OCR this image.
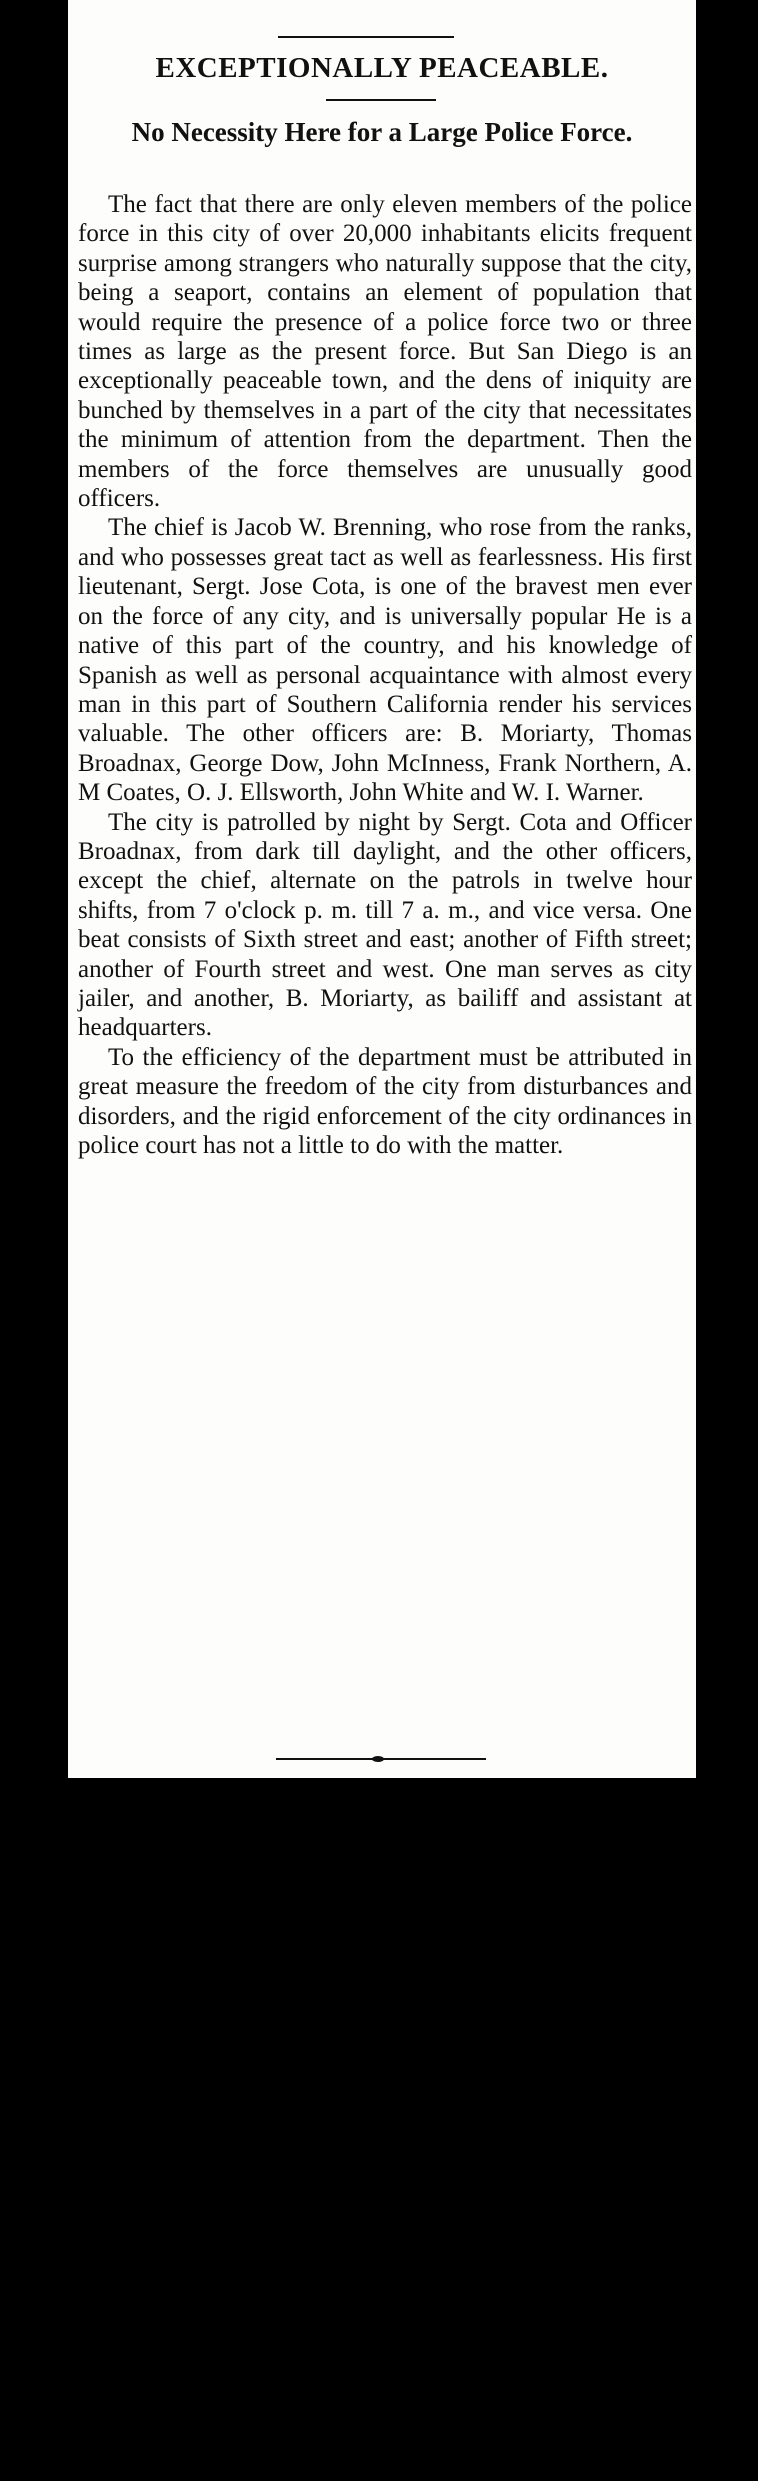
EXCEPTIONALLY PEACEABLE.
No Necessity Here for a Large Police Force.

The fact that there are only eleven members of the police force in this city of over 20,000 inhabitants elicits frequent surprise among strangers who naturally suppose that the city, being a seaport, contains an element of population that would require the presence of a police force two or three times as large as the present force. But San Diego is an exceptionally peaceable town, and the dens of iniquity are bunched by themselves in a part of the city that necessitates the minimum of attention from the department. Then the members of the force themselves are unusually good officers.

The chief is Jacob W. Brenning, who rose from the ranks, and who possesses great tact as well as fearlessness. His first lieutenant, Sergt. Jose Cota, is one of the bravest men ever on the force of any city, and is universally popular He is a native of this part of the country, and his knowledge of Spanish as well as personal acquaintance with almost every man in this part of Southern California render his services valuable. The other officers are: B. Moriarty, Thomas Broadnax, George Dow, John McInness, Frank Northern, A. M Coates, O. J. Ellsworth, John White and W. I. Warner.

The city is patrolled by night by Sergt. Cota and Officer Broadnax, from dark till daylight, and the other officers, except the chief, alternate on the patrols in twelve hour shifts, from 7 o'clock p. m. till 7 a. m., and vice versa. One beat consists of Sixth street and east; another of Fifth street; another of Fourth street and west. One man serves as city jailer, and another, B. Moriarty, as bailiff and assistant at headquarters.

To the efficiency of the department must be attributed in great measure the freedom of the city from disturbances and disorders, and the rigid enforcement of the city ordinances in police court has not a little to do with the matter.
